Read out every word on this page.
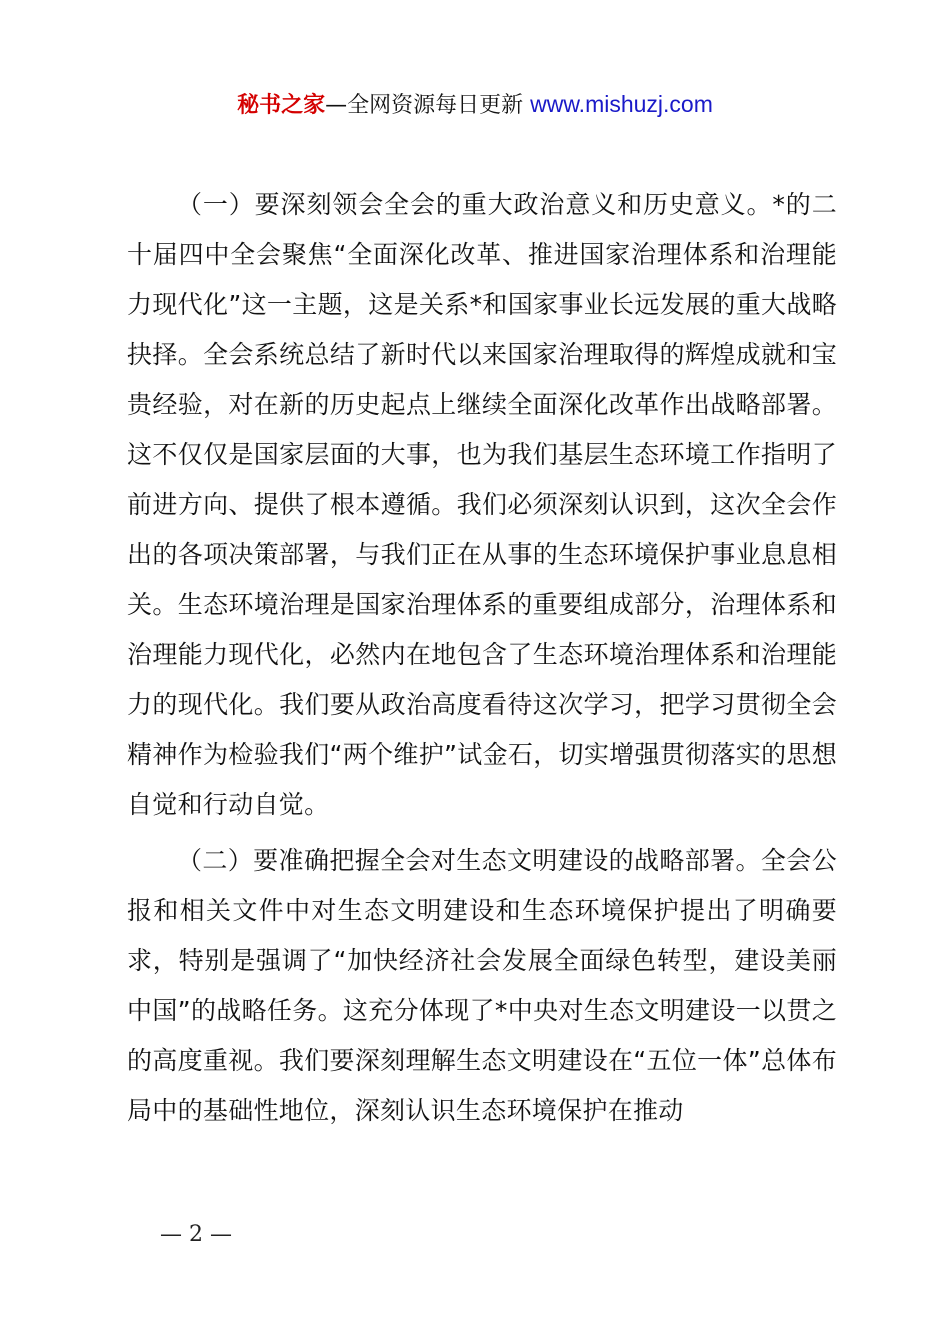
秘书之家—全网资源每日更新 www.mishuzj.com

（一）要深刻领会全会的重大政治意义和历史意义。*的二十届四中全会聚焦“全面深化改革、推进国家治理体系和治理能力现代化”这一主题，这是关系*和国家事业长远发展的重大战略抉择。全会系统总结了新时代以来国家治理取得的辉煌成就和宝贵经验，对在新的历史起点上继续全面深化改革作出战略部署。这不仅仅是国家层面的大事，也为我们基层生态环境工作指明了前进方向、提供了根本遵循。我们必须深刻认识到，这次全会作出的各项决策部署，与我们正在从事的生态环境保护事业息息相关。生态环境治理是国家治理体系的重要组成部分，治理体系和治理能力现代化，必然内在地包含了生态环境治理体系和治理能力的现代化。我们要从政治高度看待这次学习，把学习贯彻全会精神作为检验我们“两个维护”试金石，切实增强贯彻落实的思想自觉和行动自觉。

（二）要准确把握全会对生态文明建设的战略部署。全会公报和相关文件中对生态文明建设和生态环境保护提出了明确要求，特别是强调了“加快经济社会发展全面绿色转型，建设美丽中国”的战略任务。这充分体现了*中央对生态文明建设一以贯之的高度重视。我们要深刻理解生态文明建设在“五位一体”总体布局中的基础性地位，深刻认识生态环境保护在推动

— 2 —
